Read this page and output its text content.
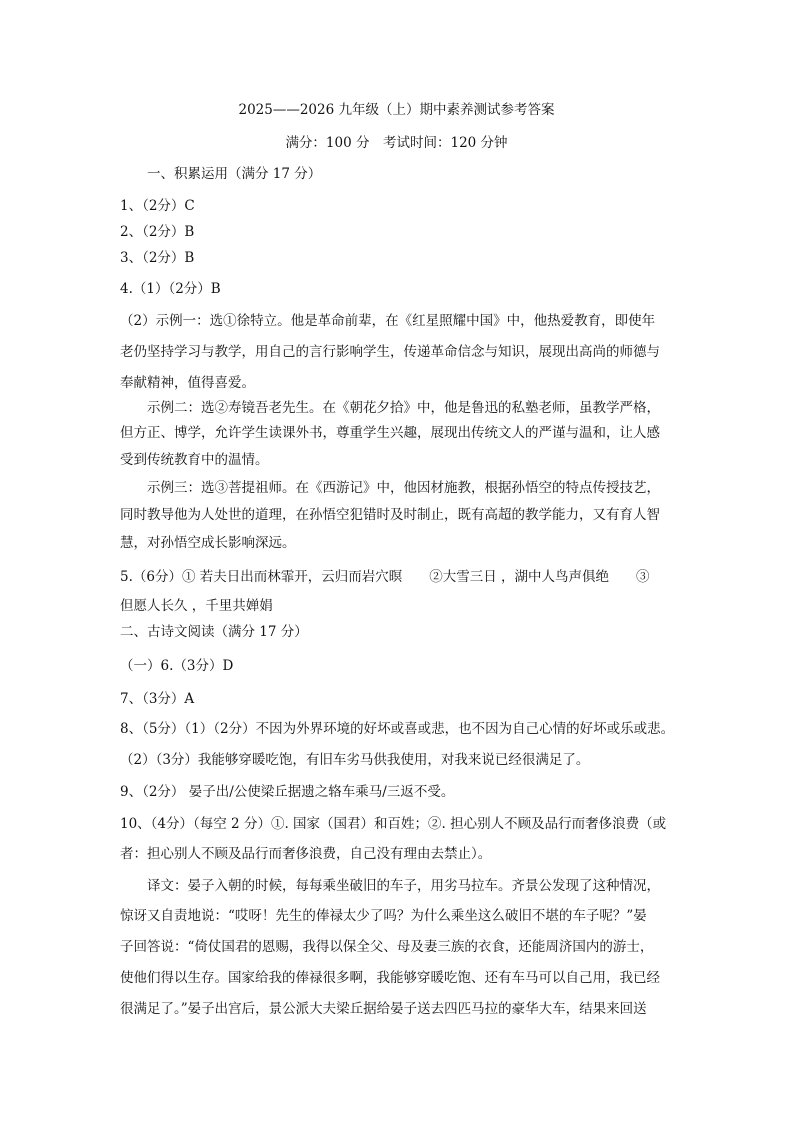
2025——2026 九年级（上）期中素养测试参考答案
满分：100 分　考试时间：120 分钟
一、积累运用（满分 17 分）
1、（2分）C
2、（2分）B
3、（2分）B
4.（1）（2分）B
（2）示例一：选①徐特立。他是革命前辈，在《红星照耀中国》中，他热爱教育，即使年
老仍坚持学习与教学，用自己的言行影响学生，传递革命信念与知识，展现出高尚的师德与
奉献精神，值得喜爱。
示例二：选②寿镜吾老先生。在《朝花夕拾》中，他是鲁迅的私塾老师，虽教学严格，
但方正、博学，允许学生读课外书，尊重学生兴趣，展现出传统文人的严谨与温和，让人感
受到传统教育中的温情。
示例三：选③菩提祖师。在《西游记》中，他因材施教，根据孙悟空的特点传授技艺，
同时教导他为人处世的道理，在孙悟空犯错时及时制止，既有高超的教学能力，又有育人智
慧，对孙悟空成长影响深远。
5.（6分）① 若夫日出而林霏开，云归而岩穴暝　　②大雪三日 ，湖中人鸟声俱绝　　③
但愿人长久 ，千里共婵娟
二、古诗文阅读（满分 17 分）
（一）6.（3分）D
7、（3分）A
8、（5分）（1）（2分）不因为外界环境的好坏或喜或悲，也不因为自己心情的好坏或乐或悲。
（2）（3分）我能够穿暖吃饱，有旧车劣马供我使用，对我来说已经很满足了。
9、（2分） 晏子出/公使梁丘据遗之辂车乘马/三返不受。
10、（4分）（每空 2 分）①. 国家（国君）和百姓；②. 担心别人不顾及品行而奢侈浪费（或
者：担心别人不顾及品行而奢侈浪费，自己没有理由去禁止）。
译文：晏子入朝的时候，每每乘坐破旧的车子，用劣马拉车。齐景公发现了这种情况，
惊讶又自责地说：“哎呀！先生的俸禄太少了吗？为什么乘坐这么破旧不堪的车子呢？”晏
子回答说：“倚仗国君的恩赐，我得以保全父、母及妻三族的衣食，还能周济国内的游士，
使他们得以生存。国家给我的俸禄很多啊，我能够穿暖吃饱、还有车马可以自己用，我已经
很满足了。”晏子出宫后，景公派大夫梁丘据给晏子送去四匹马拉的豪华大车，结果来回送
